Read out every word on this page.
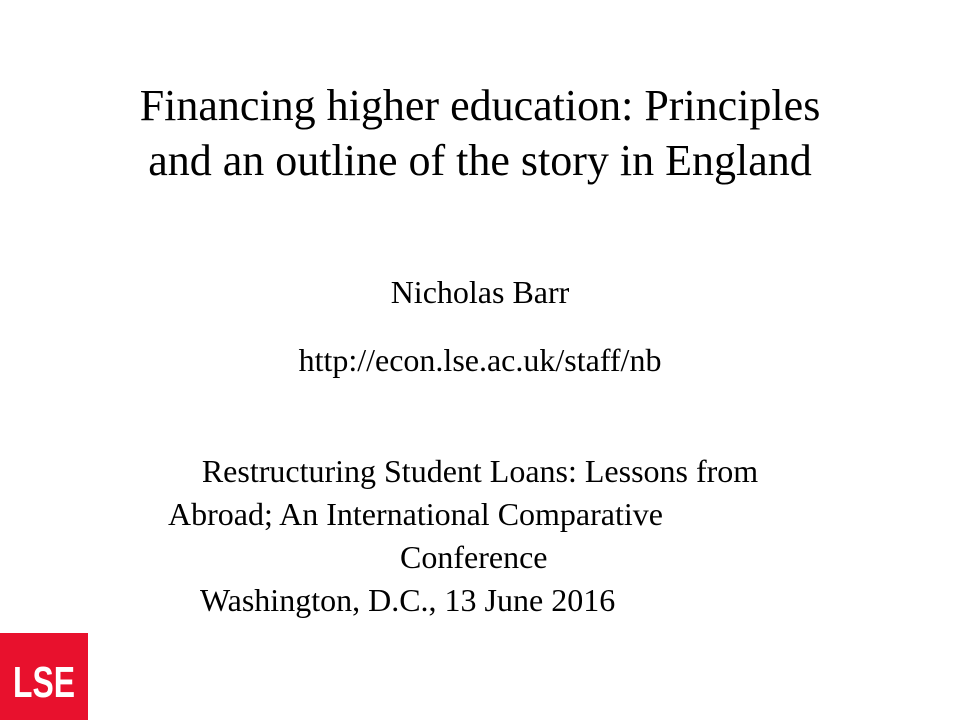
Financing higher education: Principles
and an outline of the story in England
Nicholas Barr
http://econ.lse.ac.uk/staff/nb
Restructuring Student Loans: Lessons from
Abroad; An International Comparative
Conference
Washington, D.C., 13 June 2016
LSE
